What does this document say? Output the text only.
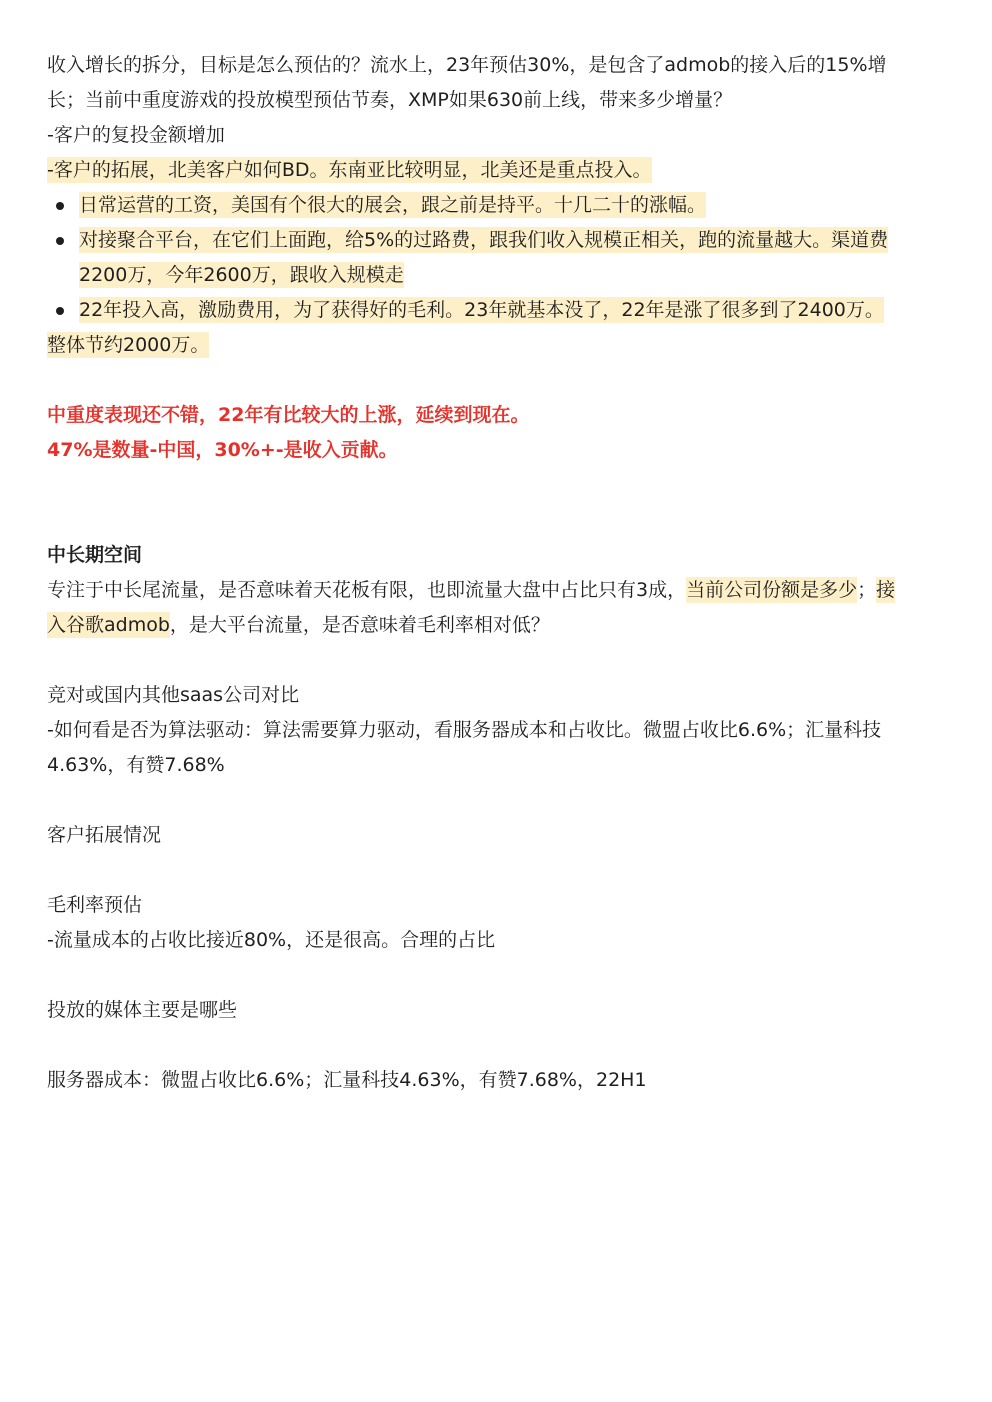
收入增长的拆分，目标是怎么预估的？流水上，23年预估30%，是包含了admob的接入后的15%增

长；当前中重度游戏的投放模型预估节奏，XMP如果630前上线，带来多少增量？

-客户的复投金额增加

-客户的拓展，北美客户如何BD。东南亚比较明显，北美还是重点投入。

日常运营的工资，美国有个很大的展会，跟之前是持平。十几二十的涨幅。
对接聚合平台，在它们上面跑，给5%的过路费，跟我们收入规模正相关，跑的流量越大。渠道费
2200万，今年2600万，跟收入规模走
22年投入高，激励费用，为了获得好的毛利。23年就基本没了，22年是涨了很多到了2400万。

整体节约2000万。

中重度表现还不错，22年有比较大的上涨，延续到现在。

47%是数量-中国，30%+-是收入贡献。

中长期空间

专注于中长尾流量，是否意味着天花板有限，也即流量大盘中占比只有3成，当前公司份额是多少；接

入谷歌admob，是大平台流量，是否意味着毛利率相对低？

竞对或国内其他saas公司对比

-如何看是否为算法驱动：算法需要算力驱动，看服务器成本和占收比。微盟占收比6.6%；汇量科技

4.63%，有赞7.68%

客户拓展情况

毛利率预估

-流量成本的占收比接近80%，还是很高。合理的占比

投放的媒体主要是哪些

服务器成本：微盟占收比6.6%；汇量科技4.63%，有赞7.68%，22H1
